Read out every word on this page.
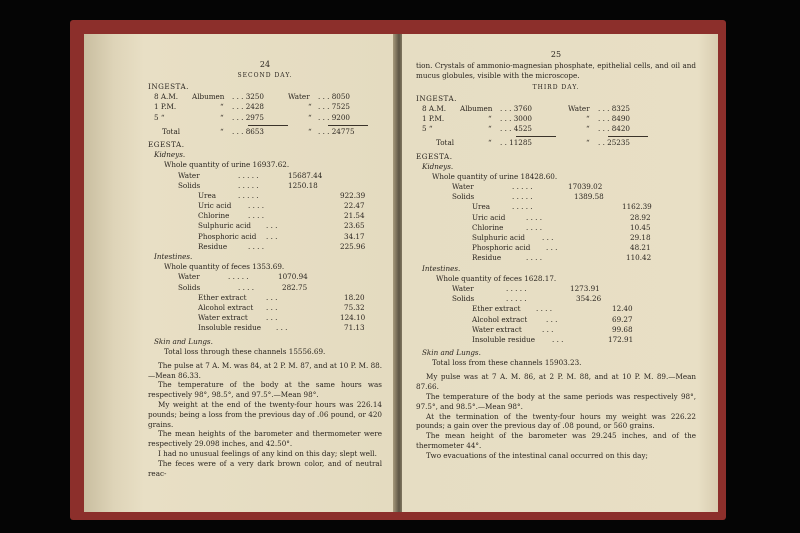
24
SECOND DAY.
INGESTA.
8 A.M. Albumen . . . 3250	Water . . . 8050
1 P.M.	“ . . . 2428	“ . . . 7525
5 “	“ . . . 2975	“ . . . 9200
Total	“ . . . 8653	“ . . . 24775
EGESTA.
Kidneys.
Whole quantity of urine 16937.62.
Water	. . . . .	15687.44
Solids	. . . . .	1250.18
Urea	. . . . .	922.39
Uric acid . . . .	22.47
Chlorine	. . . .	21.54
Sulphuric acid . . .	23.65
Phosphoric acid . . .	34.17
Residue	. . . .	225.96
Intestines.
Whole quantity of feces 1353.69.
Water	. . . . .	1070.94
Solids	. . . .	282.75
Ether extract	. . .	18.20
Alcohol extract . . .	75.32
Water extract	. . .	124.10
Insoluble residue . . .	71.13
Skin and Lungs.
Total loss through these channels 15556.69.
The pulse at 7 A. M. was 84, at 2 P. M. 87, and at 10 P. M. 88.—Mean 86.33.
The temperature of the body at the same hours was respectively 98°, 98.5°, and 97.5°.—Mean 98°.
My weight at the end of the twenty-four hours was 226.14 pounds; being a loss from the previous day of .06 pound, or 420 grains.
The mean heights of the barometer and thermometer were respectively 29.098 inches, and 42.50°.
I had no unusual feelings of any kind on this day; slept well.
The feces were of a very dark brown color, and of neutral reac-
25
tion. Crystals of ammonio-magnesian phosphate, epithelial cells, and oil and mucus globules, visible with the microscope.
THIRD DAY.
INGESTA.
8 A.M. Albumen . . . 3760	Water . . . 8325
1 P.M.	“ . . . 3000	“ . . . 8490
5 “	“ . . . 4525	“ . . . 8420
Total	“ . . 11285	“ . . 25235
EGESTA.
Kidneys.
Whole quantity of urine 18428.60.
Water	. . . . .	17039.02
Solids	. . . . .	1389.58
Urea	. . . . .	1162.39
Uric acid	. . . .	28.92
Chlorine	. . . .	10.45
Sulphuric acid . . .	29.18
Phosphoric acid . . .	48.21
Residue	. . . .	110.42
Intestines.
Whole quantity of feces 1628.17.
Water	. . . . .	1273.91
Solids	. . . . .	354.26
Ether extract . . . .	12.40
Alcohol extract	. . .	69.27
Water extract	. . .	99.68
Insoluble residue . . .	172.91
Skin and Lungs.
Total loss from these channels 15903.23.
My pulse was at 7 A. M. 86, at 2 P. M. 88, and at 10 P. M. 89.—Mean 87.66.
The temperature of the body at the same periods was respectively 98°, 97.5°, and 98.5°.—Mean 98°.
At the termination of the twenty-four hours my weight was 226.22 pounds; a gain over the previous day of .08 pound, or 560 grains.
The mean height of the barometer was 29.245 inches, and of the thermometer 44°.
Two evacuations of the intestinal canal occurred on this day;
